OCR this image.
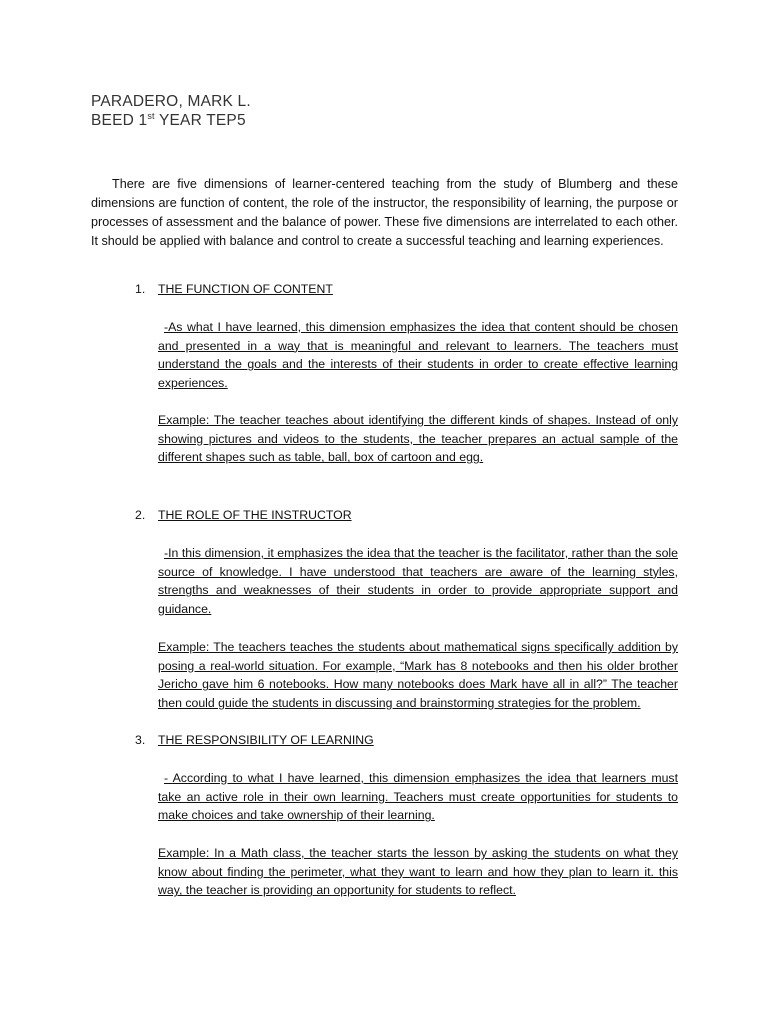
PARADERO, MARK L.
BEED 1st YEAR TEP5

There are five dimensions of learner-centered teaching from the study of Blumberg and these dimensions are function of content, the role of the instructor, the responsibility of learning, the purpose or processes of assessment and the balance of power. These five dimensions are interrelated to each other. It should be applied with balance and control to create a successful teaching and learning experiences.

1. THE FUNCTION OF CONTENT

-As what I have learned, this dimension emphasizes the idea that content should be chosen and presented in a way that is meaningful and relevant to learners. The teachers must understand the goals and the interests of their students in order to create effective learning experiences.

Example: The teacher teaches about identifying the different kinds of shapes. Instead of only showing pictures and videos to the students, the teacher prepares an actual sample of the different shapes such as table, ball, box of cartoon and egg.

2. THE ROLE OF THE INSTRUCTOR

-In this dimension, it emphasizes the idea that the teacher is the facilitator, rather than the sole source of knowledge. I have understood that teachers are aware of the learning styles, strengths and weaknesses of their students in order to provide appropriate support and guidance.

Example: The teachers teaches the students about mathematical signs specifically addition by posing a real-world situation. For example, “Mark has 8 notebooks and then his older brother Jericho gave him 6 notebooks. How many notebooks does Mark have all in all?” The teacher then could guide the students in discussing and brainstorming strategies for the problem.

3. THE RESPONSIBILITY OF LEARNING

- According to what I have learned, this dimension emphasizes the idea that learners must take an active role in their own learning. Teachers must create opportunities for students to make choices and take ownership of their learning.

Example: In a Math class, the teacher starts the lesson by asking the students on what they know about finding the perimeter, what they want to learn and how they plan to learn it. this way, the teacher is providing an opportunity for students to reflect.
